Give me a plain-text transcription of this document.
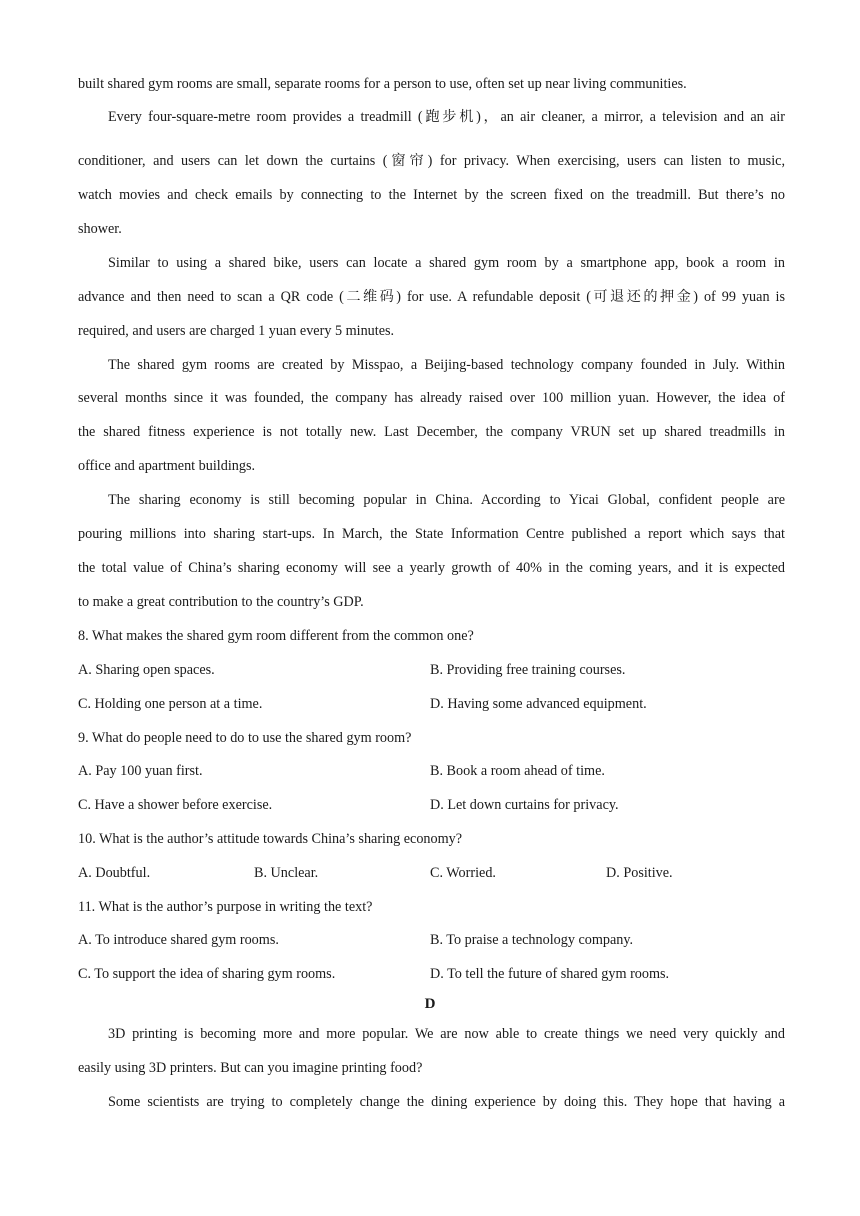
built shared gym rooms are small, separate rooms for a person to use, often set up near living communities.
Every four-square-metre room provides a treadmill (跑步机)，an air cleaner, a mirror, a television and an air
conditioner, and users can let down the curtains (窗帘) for privacy. When exercising, users can listen to music,
watch movies and check emails by connecting to the Internet by the screen fixed on the treadmill. But there’s no
shower.
Similar to using a shared bike, users can locate a shared gym room by a smartphone app, book a room in
advance and then need to scan a QR code (二维码) for use. A refundable deposit (可退还的押金) of 99 yuan is
required, and users are charged 1 yuan every 5 minutes.
The shared gym rooms are created by Misspao, a Beijing-based technology company founded in July. Within
several months since it was founded, the company has already raised over 100 million yuan. However, the idea of
the shared fitness experience is not totally new. Last December, the company VRUN set up shared treadmills in
office and apartment buildings.
The sharing economy is still becoming popular in China. According to Yicai Global, confident people are
pouring millions into sharing start-ups. In March, the State Information Centre published a report which says that
the total value of China’s sharing economy will see a yearly growth of 40% in the coming years, and it is expected
to make a great contribution to the country’s GDP.
8. What makes the shared gym room different from the common one?
A. Sharing open spaces.	B. Providing free training courses.
C. Holding one person at a time.	D. Having some advanced equipment.
9. What do people need to do to use the shared gym room?
A. Pay 100 yuan first.	B. Book a room ahead of time.
C. Have a shower before exercise.	D. Let down curtains for privacy.
10. What is the author’s attitude towards China’s sharing economy?
A. Doubtful.	B. Unclear.	C. Worried.	D. Positive.
11. What is the author’s purpose in writing the text?
A. To introduce shared gym rooms.	B. To praise a technology company.
C. To support the idea of sharing gym rooms.	D. To tell the future of shared gym rooms.
D
3D printing is becoming more and more popular. We are now able to create things we need very quickly and
easily using 3D printers. But can you imagine printing food?
Some scientists are trying to completely change the dining experience by doing this. They hope that having a
